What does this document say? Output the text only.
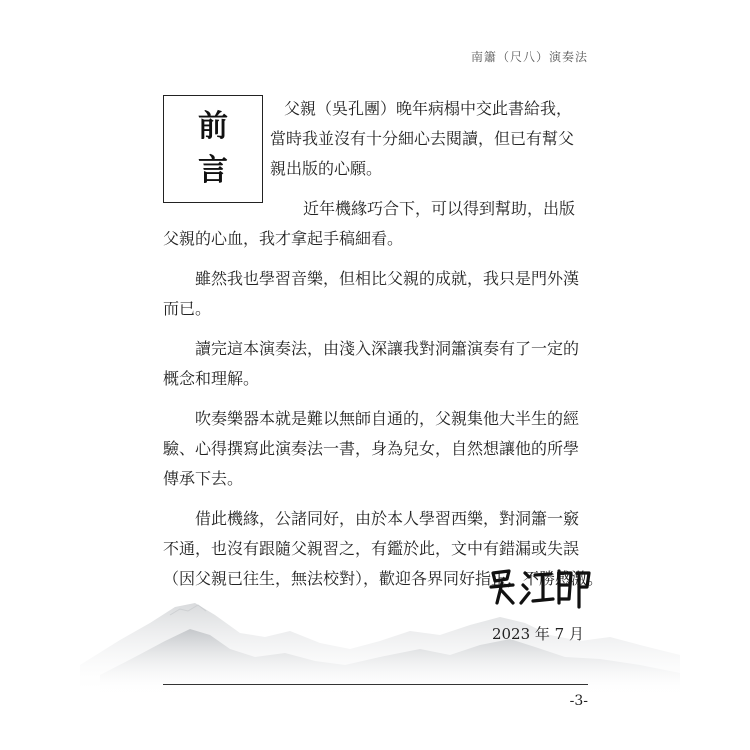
南簫（尺八）演奏法
前
言
父親（吳孔團）晚年病榻中交此書給我，
當時我並沒有十分細心去閱讀，但已有幫父
親出版的心願。
近年機緣巧合下，可以得到幫助，出版
父親的心血，我才拿起手稿細看。
雖然我也學習音樂，但相比父親的成就，我只是門外漢
而已。
讀完這本演奏法，由淺入深讓我對洞簫演奏有了一定的
概念和理解。
吹奏樂器本就是難以無師自通的，父親集他大半生的經
驗、心得撰寫此演奏法一書，身為兒女，自然想讓他的所學
傳承下去。
借此機緣，公諸同好，由於本人學習西樂，對洞簫一竅
不通，也沒有跟隨父親習之，有鑑於此，文中有錯漏或失誤
（因父親已往生，無法校對），歡迎各界同好指正，不勝感激。
2023 年 7 月
-3-
